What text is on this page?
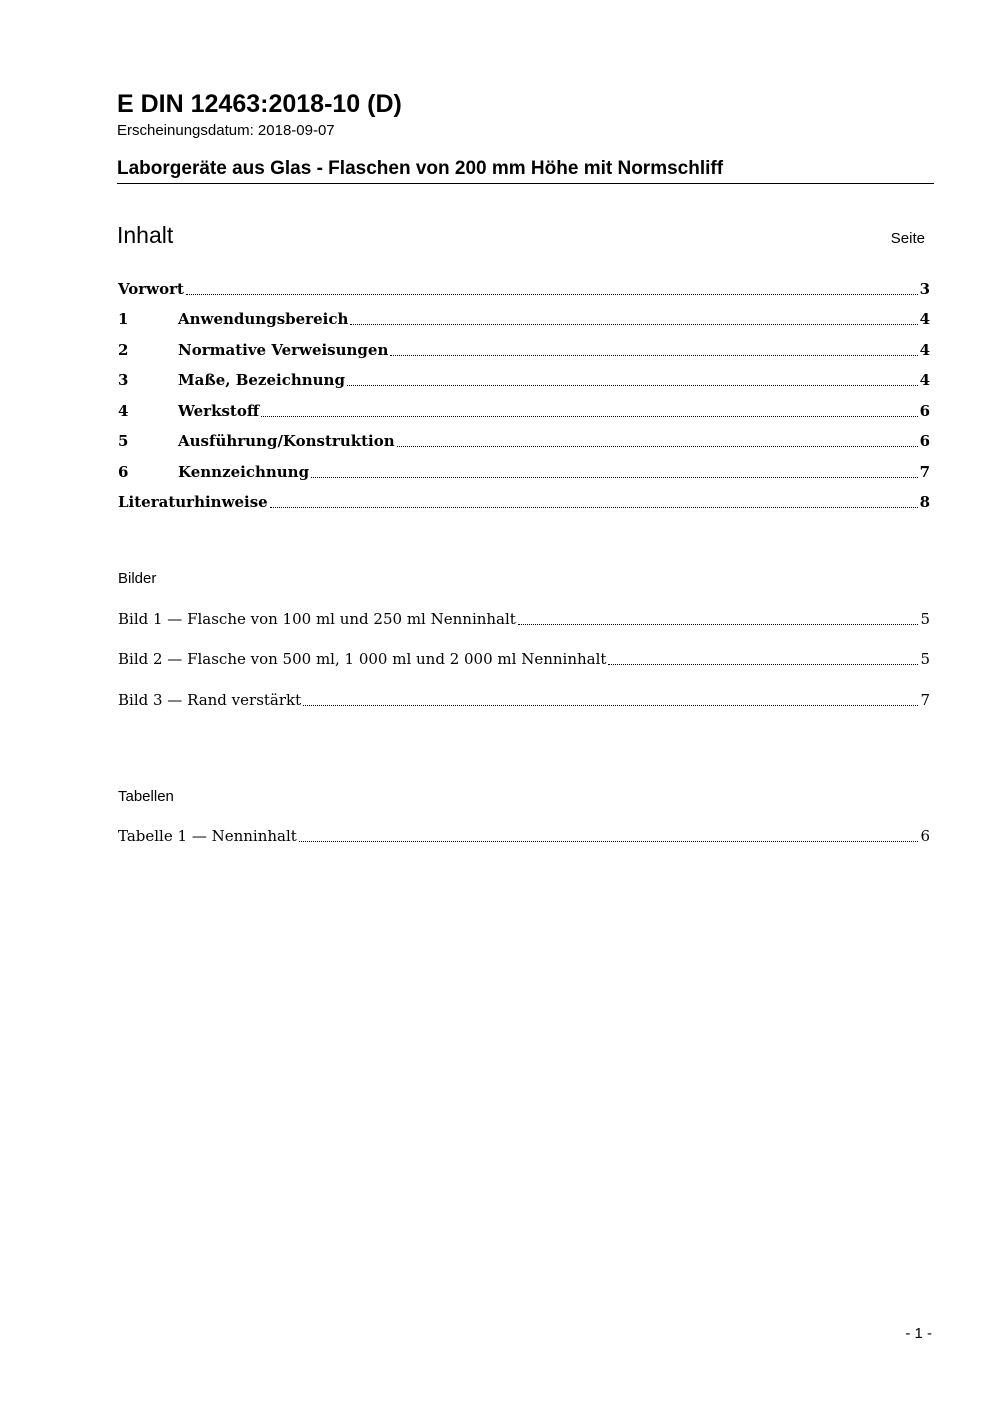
E DIN 12463:2018-10 (D)
Erscheinungsdatum: 2018-09-07
Laborgeräte aus Glas - Flaschen von 200 mm Höhe mit Normschliff
Inhalt	Seite
Vorwort	3
1	Anwendungsbereich	4
2	Normative Verweisungen	4
3	Maße, Bezeichnung	4
4	Werkstoff	6
5	Ausführung/Konstruktion	6
6	Kennzeichnung	7
Literaturhinweise	8
Bilder
Bild 1 — Flasche von 100 ml und 250 ml Nenninhalt	5
Bild 2 — Flasche von 500 ml, 1 000 ml und 2 000 ml Nenninhalt	5
Bild 3 — Rand verstärkt	7
Tabellen
Tabelle 1 — Nenninhalt	6
- 1 -
